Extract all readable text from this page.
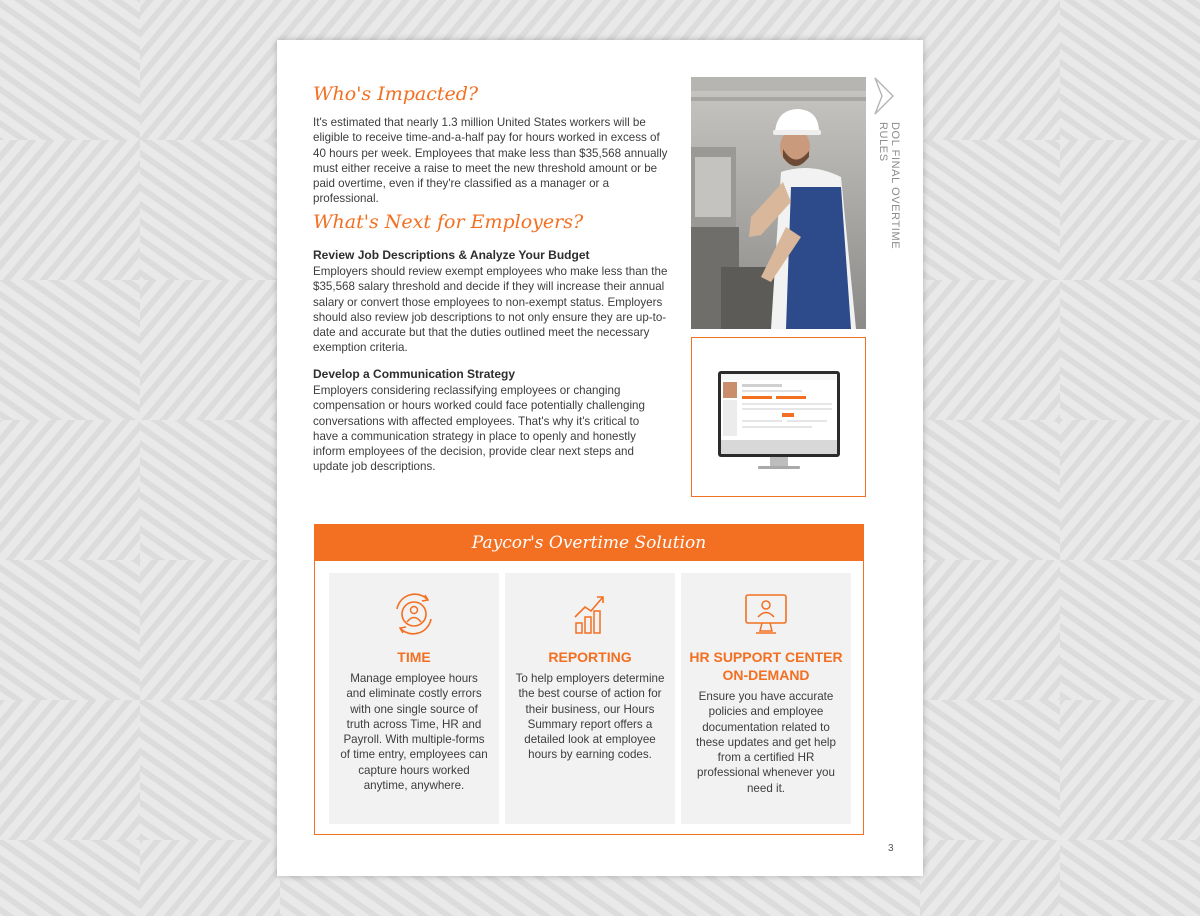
DOL FINAL OVERTIME RULES
Who's Impacted?

It's estimated that nearly 1.3 million United States workers will be eligible to receive time-and-a-half pay for hours worked in excess of 40 hours per week. Employees that make less than $35,568 annually must either receive a raise to meet the new threshold amount or be paid overtime, even if they're classified as a manager or a professional.

What's Next for Employers?
Review Job Descriptions & Analyze Your Budget

Employers should review exempt employees who make less than the $35,568 salary threshold and decide if they will increase their annual salary or convert those employees to non-exempt status. Employers should also review job descriptions to not only ensure they are up-to-date and accurate but that the duties outlined meet the necessary exemption criteria.

Develop a Communication Strategy

Employers considering reclassifying employees or changing compensation or hours worked could face potentially challenging conversations with affected employees. That's why it's critical to have a communication strategy in place to openly and honestly inform employees of the decision, provide clear next steps and update job descriptions.

Paycor's Overtime Solution
TIME
Manage employee hours and eliminate costly errors with one single source of truth across Time, HR and Payroll. With multiple-forms of time entry, employees can capture hours worked anytime, anywhere.
REPORTING
To help employers determine the best course of action for their business, our Hours Summary report offers a detailed look at employee hours by earning codes.
HR SUPPORT CENTER ON-DEMAND
Ensure you have accurate policies and employee documentation related to these updates and get help from a certified HR professional whenever you need it.
3
